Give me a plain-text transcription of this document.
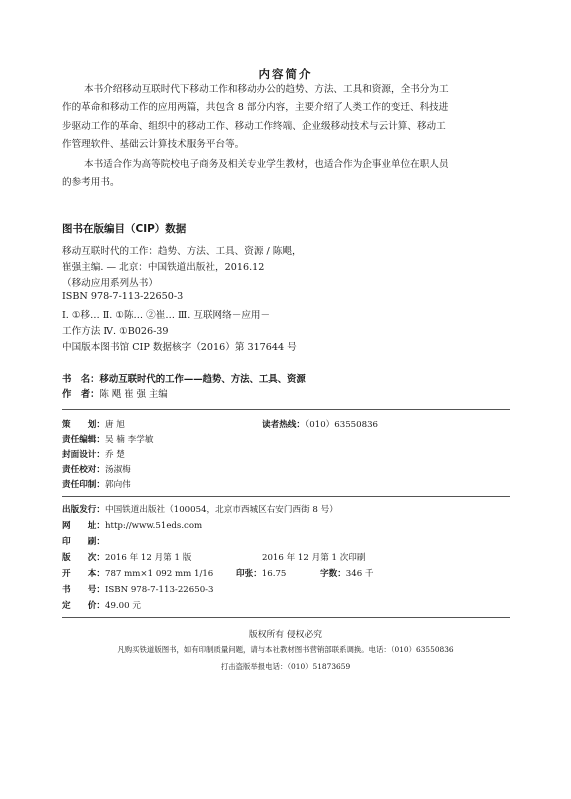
内容简介
本书介绍移动互联时代下移动工作和移动办公的趋势、方法、工具和资源，全书分为工
作的革命和移动工作的应用两篇，共包含 8 部分内容，主要介绍了人类工作的变迁、科技进
步驱动工作的革命、组织中的移动工作、移动工作终端、企业级移动技术与云计算、移动工
作管理软件、基础云计算技术服务平台等。
本书适合作为高等院校电子商务及相关专业学生教材，也适合作为企事业单位在职人员
的参考用书。
图书在版编目（CIP）数据
移动互联时代的工作：趋势、方法、工具、资源 / 陈飓，
崔强主编. — 北京：中国铁道出版社，2016.12
（移动应用系列丛书）
ISBN 978-7-113-22650-3
Ⅰ. ①移… Ⅱ. ①陈… ②崔… Ⅲ. 互联网络－应用－
工作方法 Ⅳ. ①B026-39
中国版本图书馆 CIP 数据核字（2016）第 317644 号
书　名：移动互联时代的工作——趋势、方法、工具、资源
作　者：陈 飓 崔 强 主编
策　　划：唐 旭	读者热线：（010）63550836
责任编辑：吴 楠 李学敏
封面设计：乔 楚
责任校对：汤淑梅
责任印制：郭向伟
出版发行：中国铁道出版社（100054，北京市西城区右安门西街 8 号）
网　　址：http://www.51eds.com
印　　刷：
版　　次：2016 年 12 月第 1 版	2016 年 12 月第 1 次印刷
开　　本：787 mm×1 092 mm 1/16	印张：16.75	字数：346 千
书　　号：ISBN 978-7-113-22650-3
定　　价：49.00 元
版权所有 侵权必究
凡购买铁道版图书，如有印制质量问题，请与本社教材图书营销部联系调换。电话：（010）63550836
打击盗版举报电话：（010）51873659
